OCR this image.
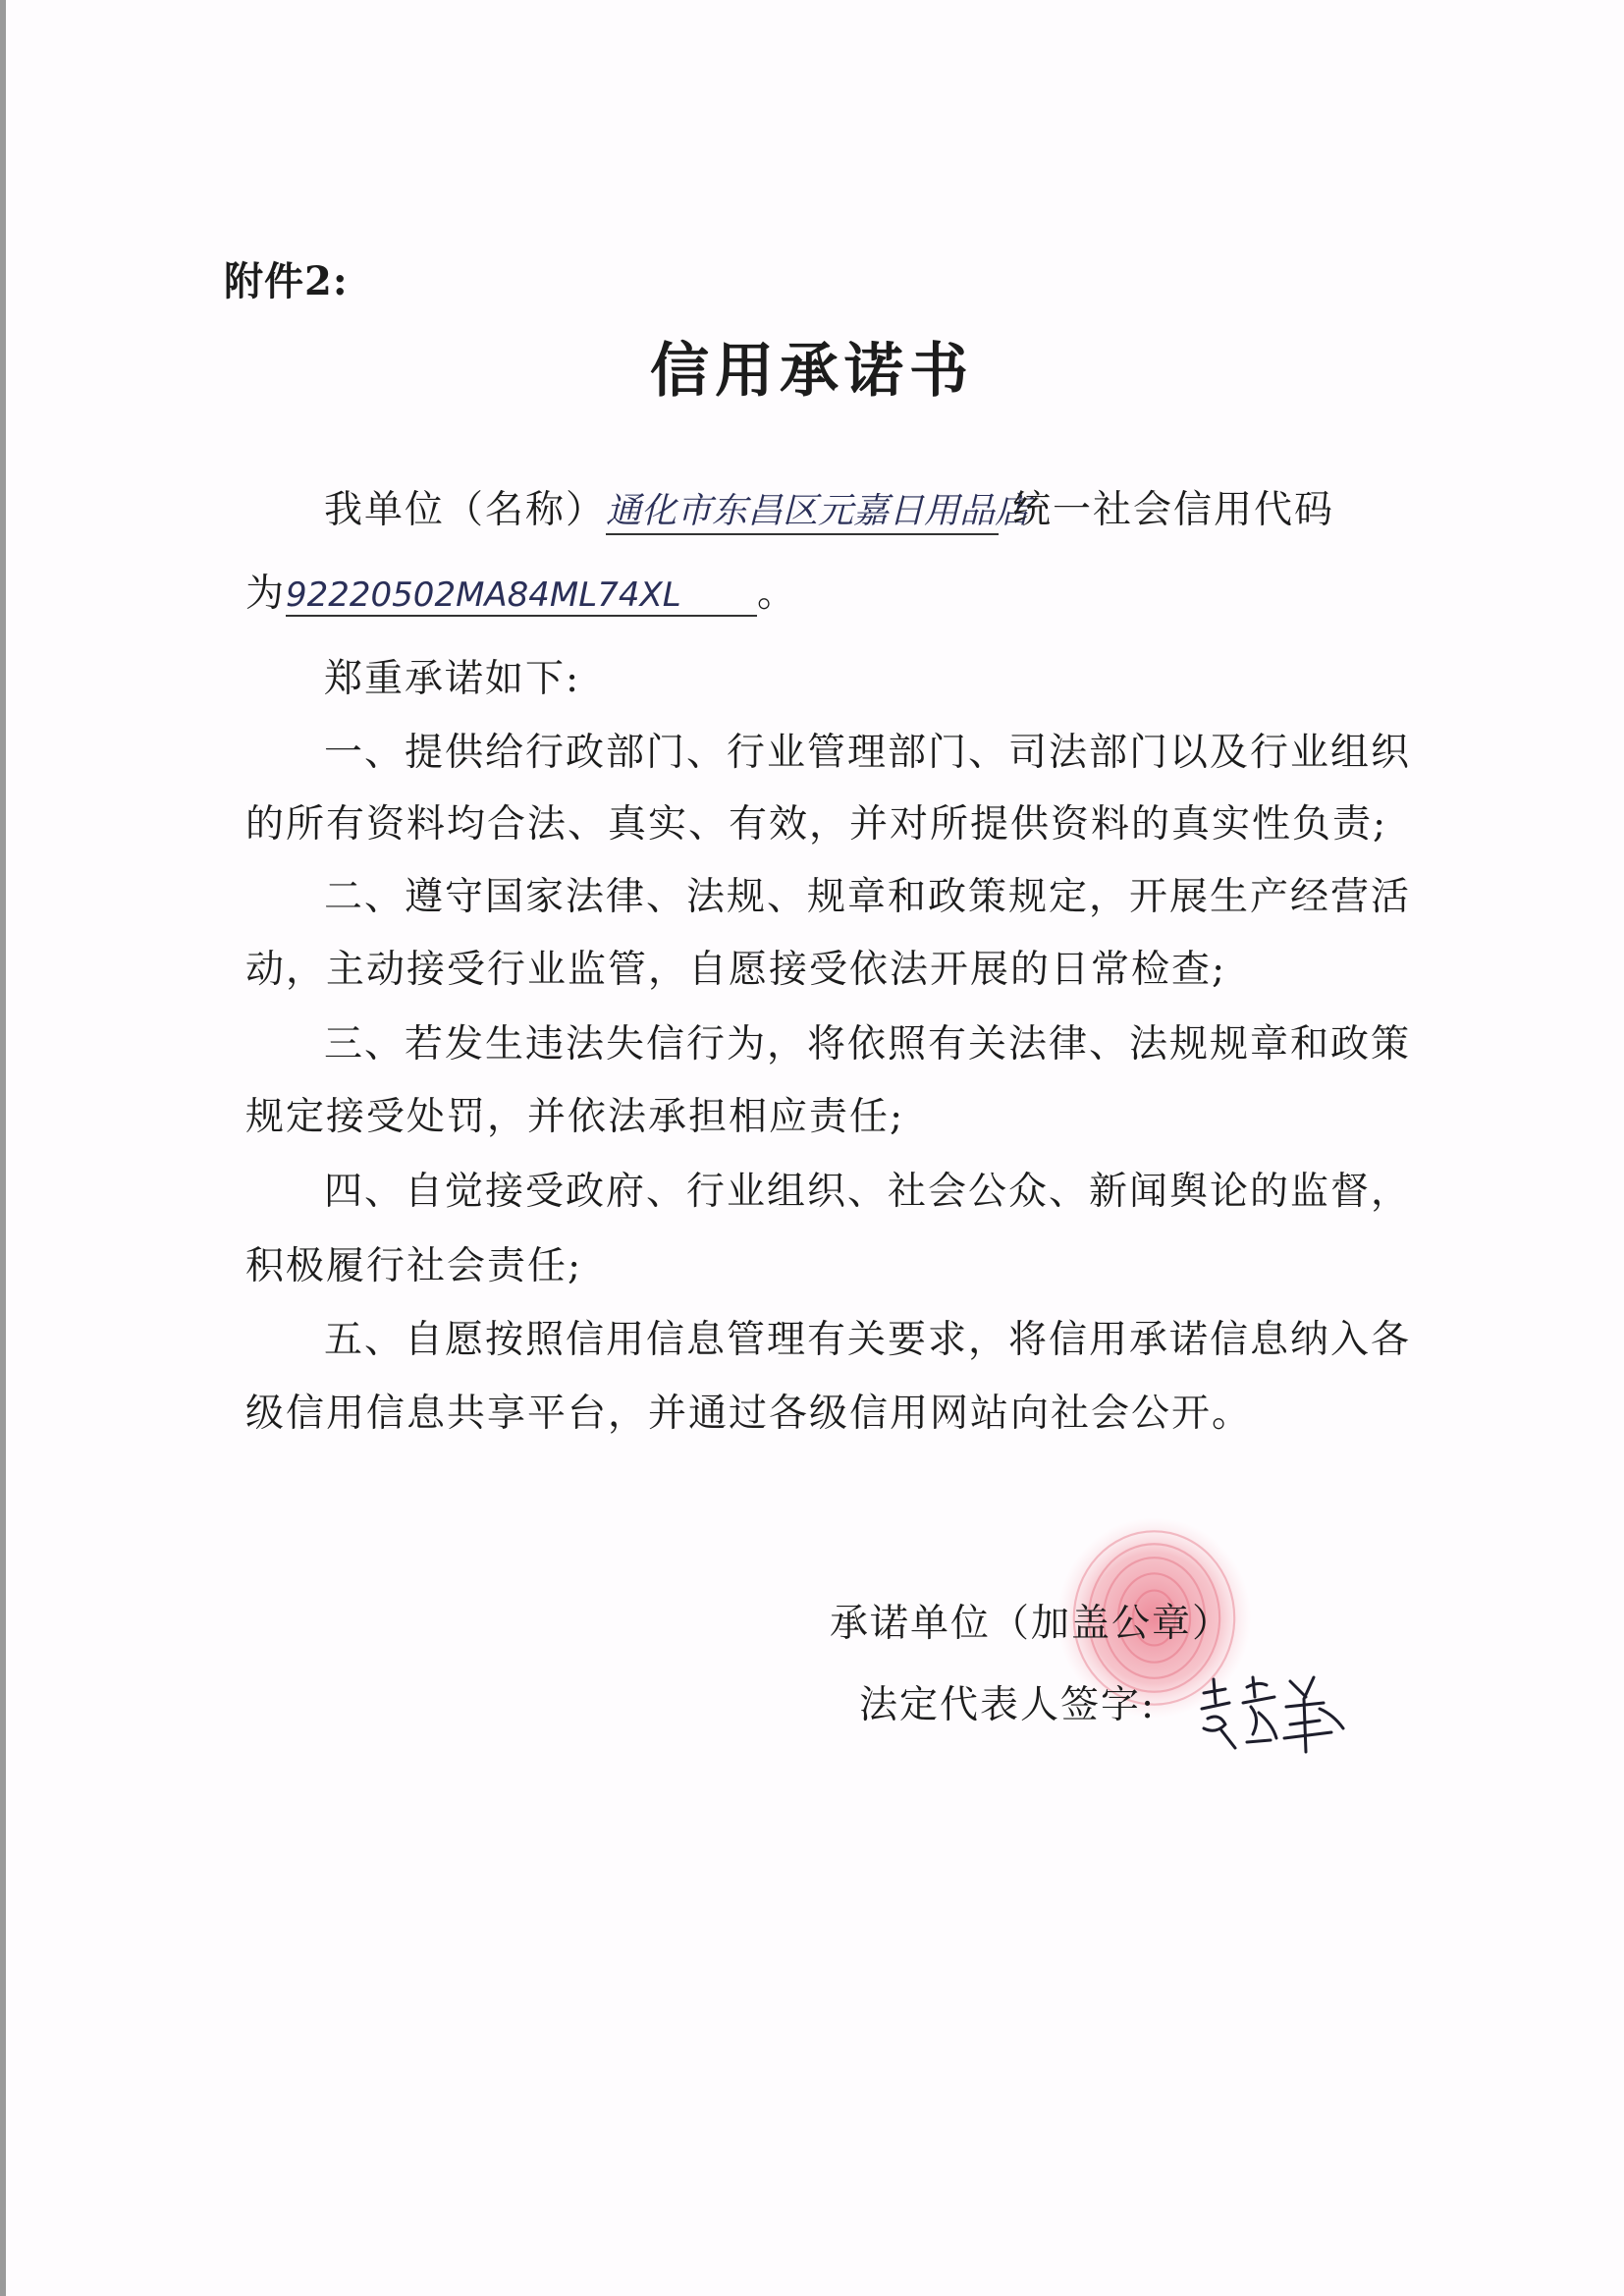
附件2:

信用承诺书

我单位（名称）通化市东昌区元嘉日用品店统一社会信用代码

为92220502MA84ML74XL 。

郑重承诺如下:

一、提供给行政部门、行业管理部门、司法部门以及行业组织

的所有资料均合法、真实、有效，并对所提供资料的真实性负责;

二、遵守国家法律、法规、规章和政策规定，开展生产经营活

动，主动接受行业监管，自愿接受依法开展的日常检查;

三、若发生违法失信行为，将依照有关法律、法规规章和政策

规定接受处罚，并依法承担相应责任;

四、自觉接受政府、行业组织、社会公众、新闻舆论的监督，

积极履行社会责任;

五、自愿按照信用信息管理有关要求，将信用承诺信息纳入各

级信用信息共享平台，并通过各级信用网站向社会公开。

承诺单位（加盖公章）

法定代表人签字:
